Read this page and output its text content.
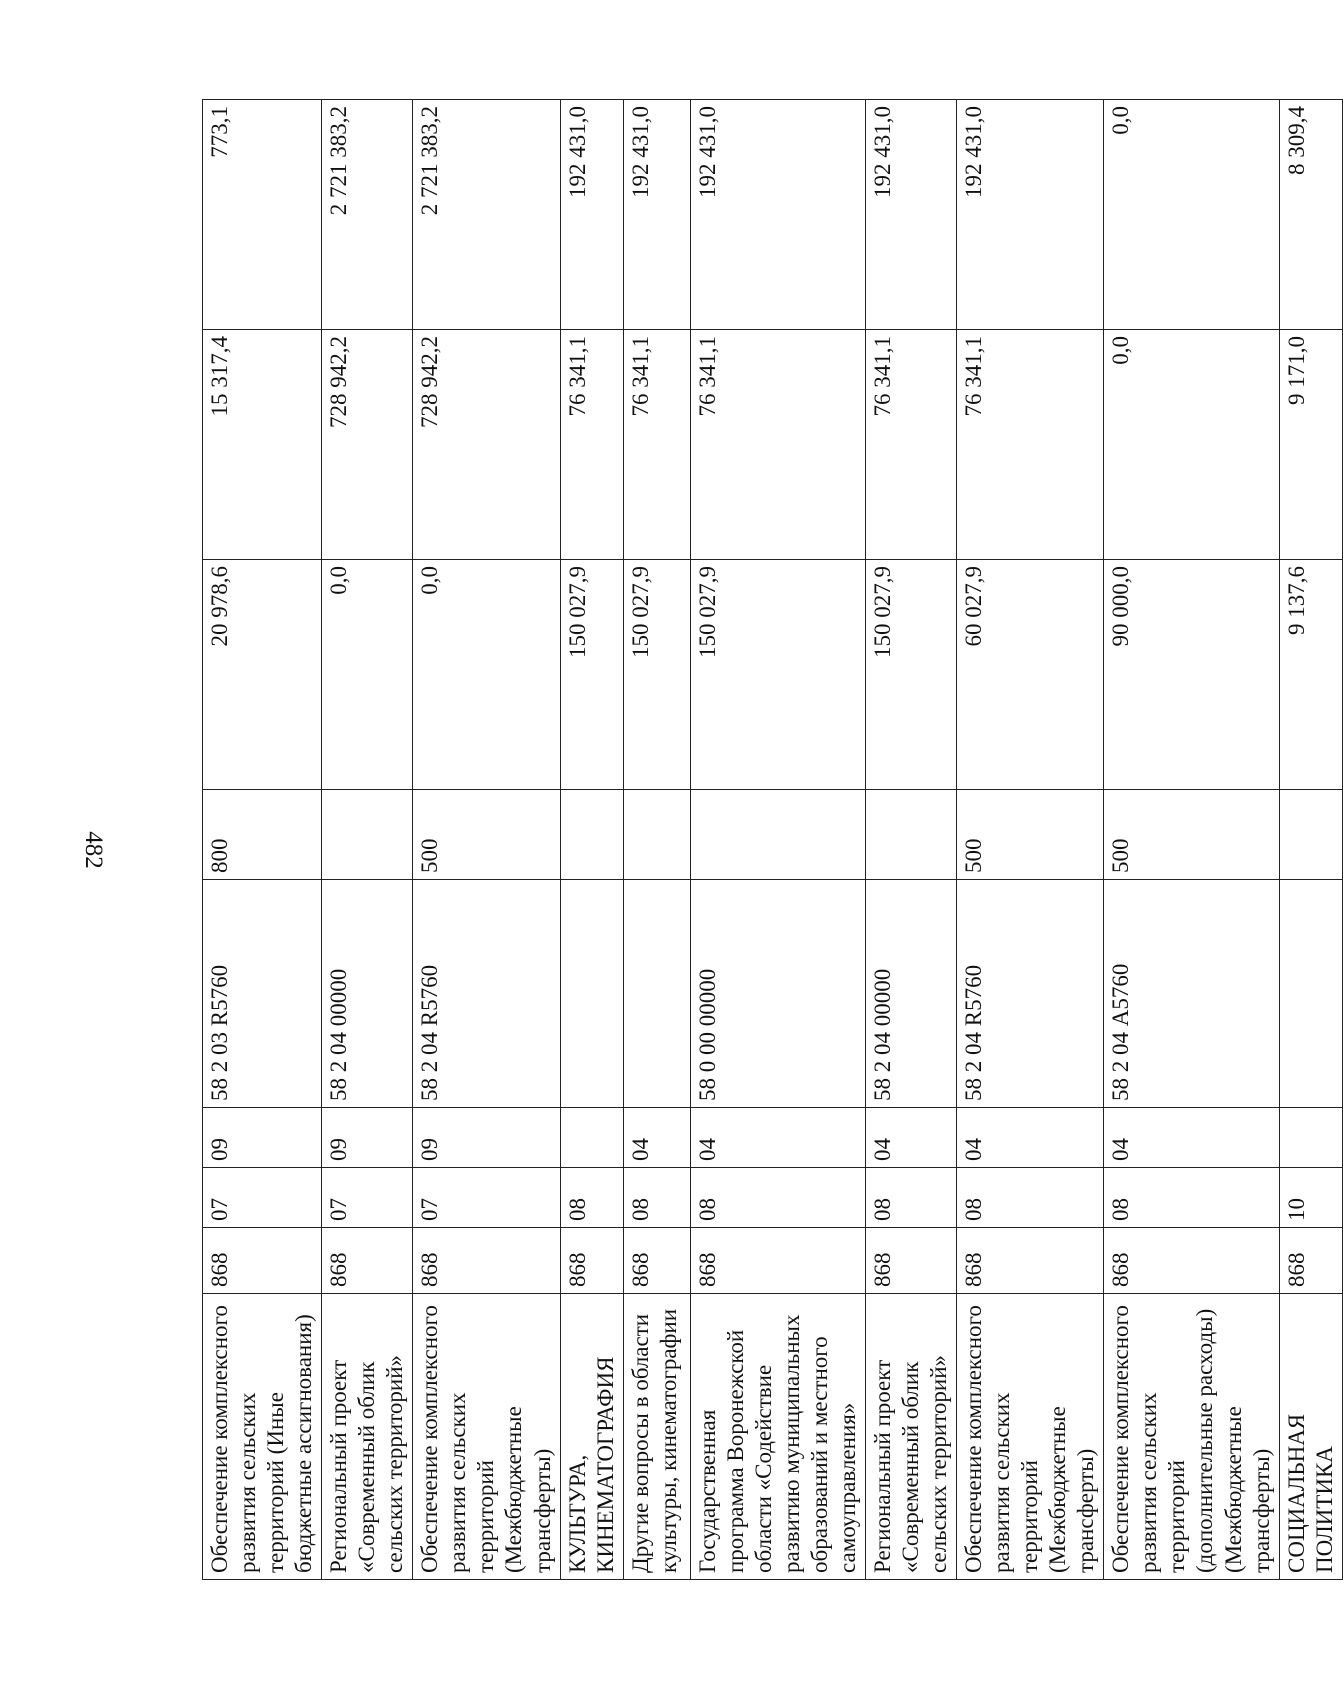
482
Обеспечение комплексного развития сельских территорий (Иные бюджетные ассигнования)	868	07	09	58 2 03 R5760	800	20 978,6	15 317,4	773,1
Региональный проект «Современный облик сельских территорий»	868	07	09	58 2 04 00000		0,0	728 942,2	2 721 383,2
Обеспечение комплексного развития сельских территорий (Межбюджетные трансферты)	868	07	09	58 2 04 R5760	500	0,0	728 942,2	2 721 383,2
КУЛЬТУРА, КИНЕМАТОГРАФИЯ	868	08				150 027,9	76 341,1	192 431,0
Другие вопросы в области культуры, кинематографии	868	08	04			150 027,9	76 341,1	192 431,0
Государственная программа Воронежской области «Содействие развитию муниципальных образований и местного самоуправления»	868	08	04	58 0 00 00000		150 027,9	76 341,1	192 431,0
Региональный проект «Современный облик сельских территорий»	868	08	04	58 2 04 00000		150 027,9	76 341,1	192 431,0
Обеспечение комплексного развития сельских территорий (Межбюджетные трансферты)	868	08	04	58 2 04 R5760	500	60 027,9	76 341,1	192 431,0
Обеспечение комплексного развития сельских территорий (дополнительные расходы) (Межбюджетные трансферты)	868	08	04	58 2 04 А5760	500	90 000,0	0,0	0,0
СОЦИАЛЬНАЯ ПОЛИТИКА	868	10				9 137,6	9 171,0	8 309,4
